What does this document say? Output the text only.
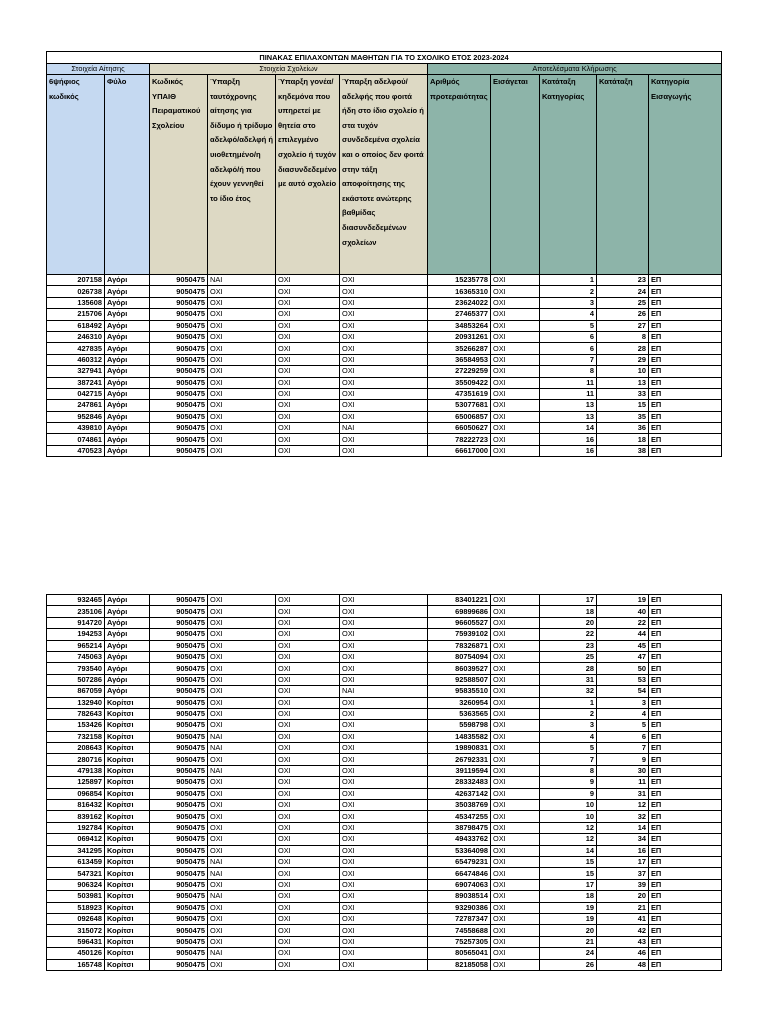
ΠΙΝΑΚΑΣ ΕΠΙΛΑΧΟΝΤΩΝ ΜΑΘΗΤΩΝ ΓΙΑ ΤΟ ΣΧΟΛΙΚΟ ΕΤΟΣ 2023-2024										
Στοιχεία Αίτησης		Στοιχεία Σχολείων				Αποτελέσματα Κλήρωσης				
6ψήφιος κωδικός	Φύλο	Κωδικός ΥΠΑΙΘ Πειραματικού Σχολείου	Ύπαρξη ταυτόχρονης αίτησης για δίδυμο ή τρίδυμο αδελφό/αδελφή ή υιοθετημένο/η αδελφό/ή που έχουν γεννηθεί το ίδιο έτος	Ύπαρξη γονέα/κηδεμόνα που υπηρετεί με θητεία στο επιλεγμένο σχολείο ή τυχόν διασυνδεδεμένο με αυτό σχολείο	Ύπαρξη αδελφού/αδελφής που φοιτά ήδη στο ίδιο σχολείο ή στα τυχόν συνδεδεμένα σχολεία και ο οποίος δεν φοιτά στην τάξη αποφοίτησης της εκάστοτε ανώτερης βαθμίδας διασυνδεδεμένων σχολείων	Αριθμός προτεραιότητας	Εισάγεται	Κατάταξη Κατηγορίας	Κατάταξη	Κατηγορία Εισαγωγής
207158	Αγόρι	9050475	ΝΑΙ	ΟΧΙ	ΟΧΙ	15235778	ΟΧΙ	1	23	ΕΠ
026738	Αγόρι	9050475	ΟΧΙ	ΟΧΙ	ΟΧΙ	16365310	ΟΧΙ	2	24	ΕΠ
135608	Αγόρι	9050475	ΟΧΙ	ΟΧΙ	ΟΧΙ	23624022	ΟΧΙ	3	25	ΕΠ
215706	Αγόρι	9050475	ΟΧΙ	ΟΧΙ	ΟΧΙ	27465377	ΟΧΙ	4	26	ΕΠ
618492	Αγόρι	9050475	ΟΧΙ	ΟΧΙ	ΟΧΙ	34853264	ΟΧΙ	5	27	ΕΠ
246310	Αγόρι	9050475	ΟΧΙ	ΟΧΙ	ΟΧΙ	20931261	ΟΧΙ	6	8	ΕΠ
427835	Αγόρι	9050475	ΟΧΙ	ΟΧΙ	ΟΧΙ	35266287	ΟΧΙ	6	28	ΕΠ
460312	Αγόρι	9050475	ΟΧΙ	ΟΧΙ	ΟΧΙ	36584953	ΟΧΙ	7	29	ΕΠ
327941	Αγόρι	9050475	ΟΧΙ	ΟΧΙ	ΟΧΙ	27229259	ΟΧΙ	8	10	ΕΠ
387241	Αγόρι	9050475	ΟΧΙ	ΟΧΙ	ΟΧΙ	35509422	ΟΧΙ	11	13	ΕΠ
042715	Αγόρι	9050475	ΟΧΙ	ΟΧΙ	ΟΧΙ	47351619	ΟΧΙ	11	33	ΕΠ
247861	Αγόρι	9050475	ΟΧΙ	ΟΧΙ	ΟΧΙ	53077681	ΟΧΙ	13	15	ΕΠ
952846	Αγόρι	9050475	ΟΧΙ	ΟΧΙ	ΟΧΙ	65006857	ΟΧΙ	13	35	ΕΠ
439810	Αγόρι	9050475	ΟΧΙ	ΟΧΙ	ΝΑΙ	66050627	ΟΧΙ	14	36	ΕΠ
074861	Αγόρι	9050475	ΟΧΙ	ΟΧΙ	ΟΧΙ	78222723	ΟΧΙ	16	18	ΕΠ
470523	Αγόρι	9050475	ΟΧΙ	ΟΧΙ	ΟΧΙ	66617000	ΟΧΙ	16	38	ΕΠ
932465	Αγόρι	9050475	ΟΧΙ	ΟΧΙ	ΟΧΙ	83401221	ΟΧΙ	17	19	ΕΠ
235106	Αγόρι	9050475	ΟΧΙ	ΟΧΙ	ΟΧΙ	69899686	ΟΧΙ	18	40	ΕΠ
914720	Αγόρι	9050475	ΟΧΙ	ΟΧΙ	ΟΧΙ	96605527	ΟΧΙ	20	22	ΕΠ
194253	Αγόρι	9050475	ΟΧΙ	ΟΧΙ	ΟΧΙ	75939102	ΟΧΙ	22	44	ΕΠ
965214	Αγόρι	9050475	ΟΧΙ	ΟΧΙ	ΟΧΙ	78326871	ΟΧΙ	23	45	ΕΠ
745063	Αγόρι	9050475	ΟΧΙ	ΟΧΙ	ΟΧΙ	80754094	ΟΧΙ	25	47	ΕΠ
793540	Αγόρι	9050475	ΟΧΙ	ΟΧΙ	ΟΧΙ	86039527	ΟΧΙ	28	50	ΕΠ
507286	Αγόρι	9050475	ΟΧΙ	ΟΧΙ	ΟΧΙ	92588507	ΟΧΙ	31	53	ΕΠ
867059	Αγόρι	9050475	ΟΧΙ	ΟΧΙ	ΝΑΙ	95835510	ΟΧΙ	32	54	ΕΠ
132940	Κορίτσι	9050475	ΟΧΙ	ΟΧΙ	ΟΧΙ	3260954	ΟΧΙ	1	3	ΕΠ
782643	Κορίτσι	9050475	ΟΧΙ	ΟΧΙ	ΟΧΙ	5363565	ΟΧΙ	2	4	ΕΠ
153426	Κορίτσι	9050475	ΟΧΙ	ΟΧΙ	ΟΧΙ	5598798	ΟΧΙ	3	5	ΕΠ
732158	Κορίτσι	9050475	ΝΑΙ	ΟΧΙ	ΟΧΙ	14835582	ΟΧΙ	4	6	ΕΠ
208643	Κορίτσι	9050475	ΝΑΙ	ΟΧΙ	ΟΧΙ	19890831	ΟΧΙ	5	7	ΕΠ
280716	Κορίτσι	9050475	ΟΧΙ	ΟΧΙ	ΟΧΙ	26792331	ΟΧΙ	7	9	ΕΠ
479138	Κορίτσι	9050475	ΝΑΙ	ΟΧΙ	ΟΧΙ	39119594	ΟΧΙ	8	30	ΕΠ
125897	Κορίτσι	9050475	ΟΧΙ	ΟΧΙ	ΟΧΙ	28332483	ΟΧΙ	9	11	ΕΠ
096854	Κορίτσι	9050475	ΟΧΙ	ΟΧΙ	ΟΧΙ	42637142	ΟΧΙ	9	31	ΕΠ
816432	Κορίτσι	9050475	ΟΧΙ	ΟΧΙ	ΟΧΙ	35038769	ΟΧΙ	10	12	ΕΠ
839162	Κορίτσι	9050475	ΟΧΙ	ΟΧΙ	ΟΧΙ	45347255	ΟΧΙ	10	32	ΕΠ
192784	Κορίτσι	9050475	ΟΧΙ	ΟΧΙ	ΟΧΙ	38798475	ΟΧΙ	12	14	ΕΠ
069412	Κορίτσι	9050475	ΟΧΙ	ΟΧΙ	ΟΧΙ	49433762	ΟΧΙ	12	34	ΕΠ
341295	Κορίτσι	9050475	ΟΧΙ	ΟΧΙ	ΟΧΙ	53364098	ΟΧΙ	14	16	ΕΠ
613459	Κορίτσι	9050475	ΝΑΙ	ΟΧΙ	ΟΧΙ	65479231	ΟΧΙ	15	17	ΕΠ
547321	Κορίτσι	9050475	ΝΑΙ	ΟΧΙ	ΟΧΙ	66474846	ΟΧΙ	15	37	ΕΠ
906324	Κορίτσι	9050475	ΟΧΙ	ΟΧΙ	ΟΧΙ	69074063	ΟΧΙ	17	39	ΕΠ
503981	Κορίτσι	9050475	ΝΑΙ	ΟΧΙ	ΟΧΙ	89038514	ΟΧΙ	18	20	ΕΠ
518923	Κορίτσι	9050475	ΟΧΙ	ΟΧΙ	ΟΧΙ	93290386	ΟΧΙ	19	21	ΕΠ
092648	Κορίτσι	9050475	ΟΧΙ	ΟΧΙ	ΟΧΙ	72787347	ΟΧΙ	19	41	ΕΠ
315072	Κορίτσι	9050475	ΟΧΙ	ΟΧΙ	ΟΧΙ	74558688	ΟΧΙ	20	42	ΕΠ
596431	Κορίτσι	9050475	ΟΧΙ	ΟΧΙ	ΟΧΙ	75257305	ΟΧΙ	21	43	ΕΠ
450126	Κορίτσι	9050475	ΝΑΙ	ΟΧΙ	ΟΧΙ	80565041	ΟΧΙ	24	46	ΕΠ
165748	Κορίτσι	9050475	ΟΧΙ	ΟΧΙ	ΟΧΙ	82185058	ΟΧΙ	26	48	ΕΠ
